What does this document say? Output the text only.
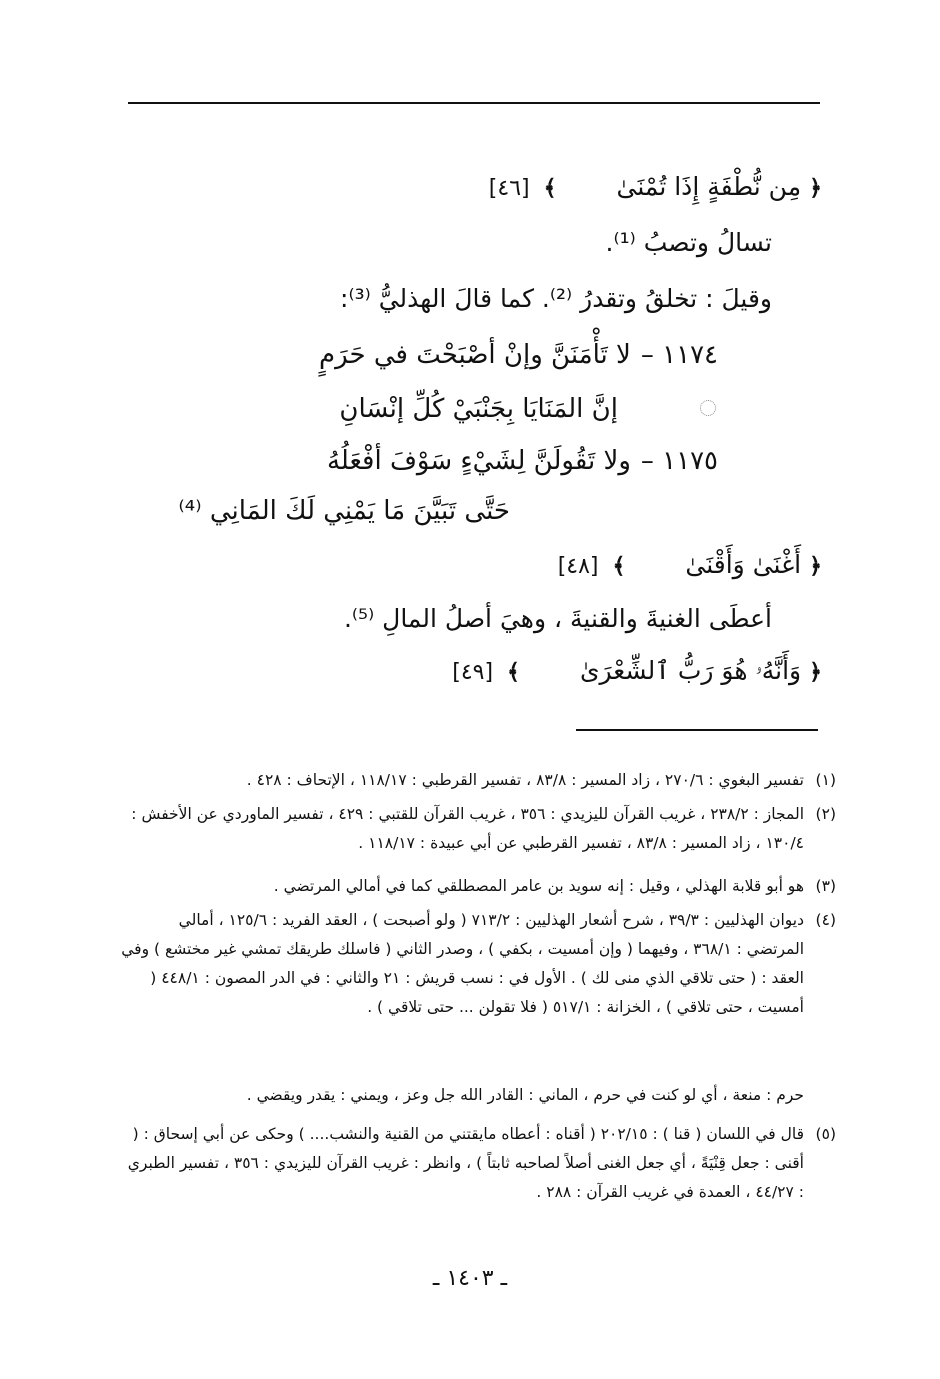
﴿مِن نُّطْفَةٍ إِذَا تُمْنَىٰ﴾[٤٦]
تسالُ وتصبُ ⁽¹⁾.
وقيلَ : تخلقُ وتقدرُ ⁽²⁾. كما قالَ الهذليُّ ⁽³⁾:
١١٧٤ –لا تَأْمَنَنَّ وإنْ أصْبَحْتَ في حَرَمٍ
إنَّ المَنَايَا بِجَنْبَيْ كُلِّ إنْسَانِ
١١٧٥ –ولا تَقُولَنَّ لِشَيْءٍ سَوْفَ أفْعَلُهُ
حَتَّى تَبَيَّنَ مَا يَمْنِي لَكَ المَانِي ⁽⁴⁾
﴿أَغْنَىٰ وَأَقْنَىٰ﴾[٤٨]
أعطَى الغنيةَ والقنيةَ ، وهيَ أصلُ المالِ ⁽⁵⁾.
﴿وَأَنَّهُۥ هُوَ رَبُّ ٱلشِّعْرَىٰ﴾[٤٩]
(١)
تفسير البغوي : ٢٧٠/٦ ، زاد المسير : ٨٣/٨ ، تفسير القرطبي : ١١٨/١٧ ، الإتحاف : ٤٢٨ .
(٢)
المجاز : ٢٣٨/٢ ، غريب القرآن لليزيدي : ٣٥٦ ، غريب القرآن للقتبي : ٤٢٩ ، تفسير الماوردي عن الأخفش : ١٣٠/٤ ، زاد المسير : ٨٣/٨ ، تفسير القرطبي عن أبي عبيدة : ١١٨/١٧ .
(٣)
هو أبو قلابة الهذلي ، وقيل : إنه سويد بن عامر المصطلقي كما في أمالي المرتضي .
(٤)
ديوان الهذليين : ٣٩/٣ ، شرح أشعار الهذليين : ٧١٣/٢ ( ولو أصبحت ) ، العقد الفريد : ١٢٥/٦ ، أمالي المرتضي : ٣٦٨/١ ، وفيهما ( وإن أمسيت ، بكفي ) ، وصدر الثاني ( فاسلك طريقك تمشي غير مختشع ) وفي العقد : ( حتى تلاقي الذي منى لك ) . الأول في : نسب قريش : ٢١ والثاني : في الدر المصون : ٤٤٨/١ ( أمسيت ، حتى تلاقي ) ، الخزانة : ٥١٧/١ ( فلا تقولن ... حتى تلاقي ) .
حرم : منعة ، أي لو كنت في حرم ، الماني : القادر الله جل وعز ، ويمني : يقدر ويقضي .
(٥)
قال في اللسان ( قنا ) : ٢٠٢/١٥ ( أقناه : أعطاه مايقتني من القنية والنشب.... ) وحكى عن أبي إسحاق : ( أقنى : جعل قِنْيَةً ، أي جعل الغنى أصلاً لصاحبه ثابتاً ) ، وانظر : غريب القرآن لليزيدي : ٣٥٦ ، تفسير الطبري : ٤٤/٢٧ ، العمدة في غريب القرآن : ٢٨٨ .
ـ ١٤٠٣ ـ
